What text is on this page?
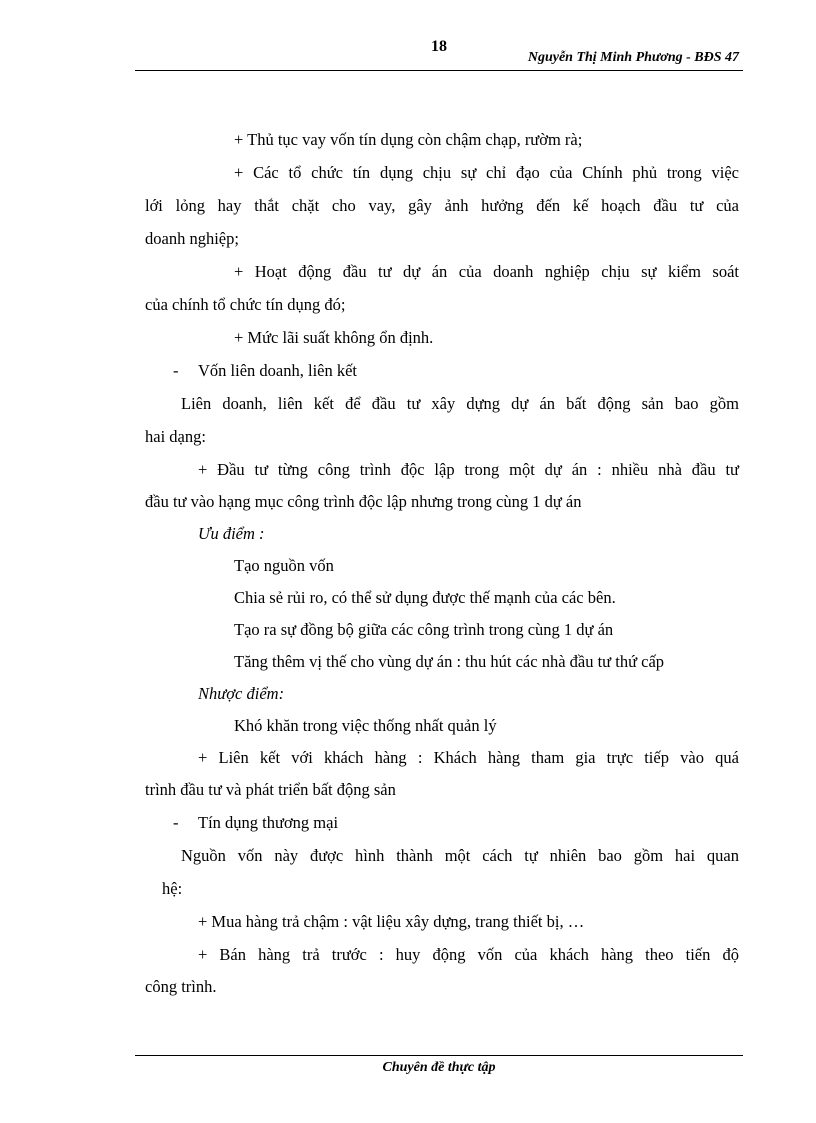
18
Nguyễn Thị Minh Phương - BĐS 47
+ Thủ tục vay vốn tín dụng còn chậm chạp, rườm rà;
+ Các tổ chức tín dụng chịu sự chỉ đạo của Chính phủ trong việc
lới lỏng hay thắt chặt cho vay, gây ảnh hưởng đến kế hoạch đầu tư của
doanh nghiệp;
+ Hoạt động đầu tư dự án của doanh nghiệp chịu sự kiểm soát
của chính tổ chức tín dụng đó;
+ Mức lãi suất không ổn định.
- Vốn liên doanh, liên kết
Liên doanh, liên kết để đầu tư xây dựng dự án bất động sản bao gồm
hai dạng:
+ Đầu tư từng công trình độc lập trong một dự án : nhiều nhà đầu tư
đầu tư vào hạng mục công trình độc lập nhưng trong cùng 1 dự án
Ưu điểm :
Tạo nguồn vốn
Chia sẻ rủi ro, có thể sử dụng được thế mạnh của các bên.
Tạo ra sự đồng bộ giữa các công trình trong cùng 1 dự án
Tăng thêm vị thế cho vùng dự án : thu hút các nhà đầu tư thứ cấp
Nhược điểm:
Khó khăn trong việc thống nhất quản lý
+ Liên kết với khách hàng : Khách hàng tham gia trực tiếp vào quá
trình đầu tư và phát triển bất động sản
- Tín dụng thương mại
Nguồn vốn này được hình thành một cách tự nhiên bao gồm hai quan
hệ:
+ Mua hàng trả chậm : vật liệu xây dựng, trang thiết bị, …
+ Bán hàng trả trước : huy động vốn của khách hàng theo tiến độ
công trình.
Chuyên đề thực tập
